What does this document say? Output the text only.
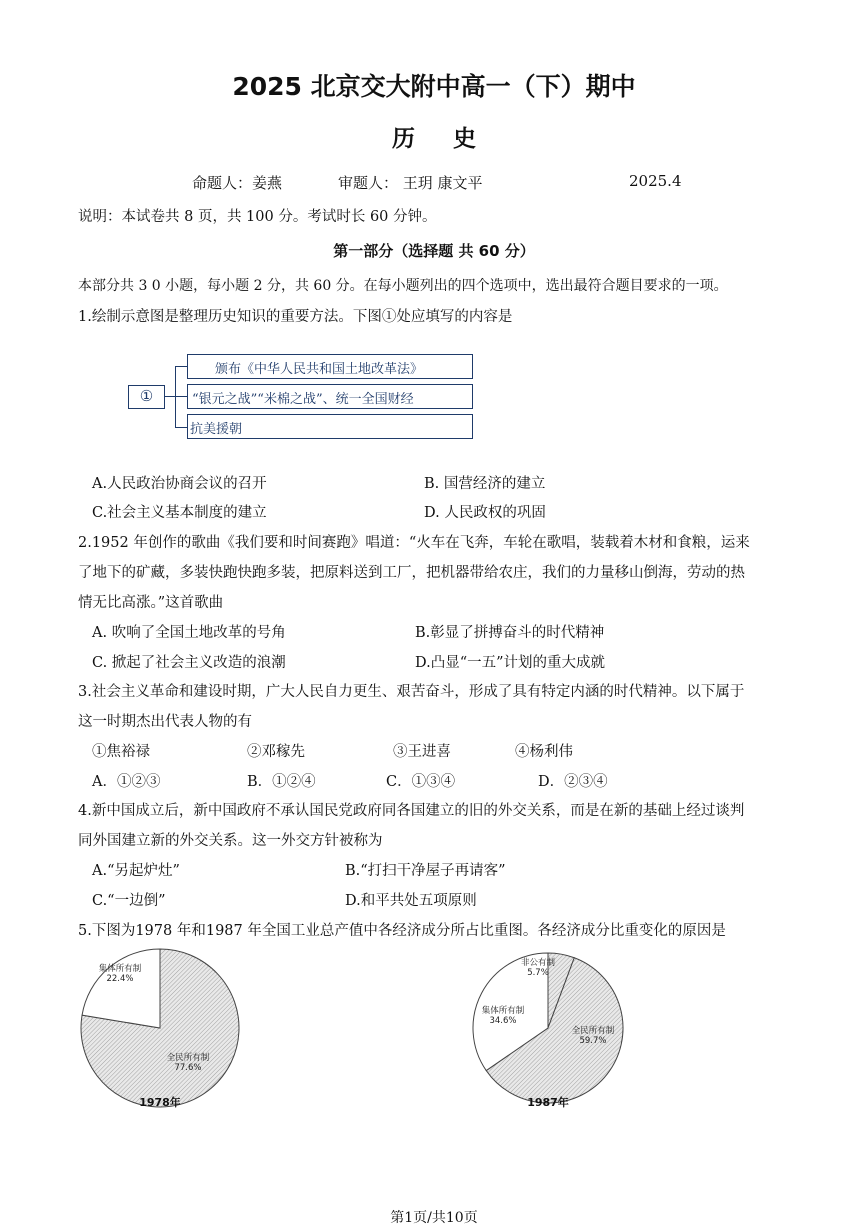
2025 北京交大附中高一（下）期中
历史
命题人：姜燕	审题人： 王玥 康文平	2025.4
说明：本试卷共 8 页，共 100 分。考试时长 60 分钟。
第一部分（选择题 共 60 分）
本部分共 3 0 小题，每小题 2 分，共 60 分。在每小题列出的四个选项中，选出最符合题目要求的一项。
1.绘制示意图是整理历史知识的重要方法。下图①处应填写的内容是
①
颁布《中华人民共和国土地改革法》
“银元之战”“米棉之战”、统一全国财经
抗美援朝
A.人民政治协商会议的召开	B. 国营经济的建立
C.社会主义基本制度的建立	D. 人民政权的巩固
2.1952 年创作的歌曲《我们要和时间赛跑》唱道：“火车在飞奔，车轮在歌唱，装载着木材和食粮，运来
了地下的矿藏，多装快跑快跑多装，把原料送到工厂，把机器带给农庄，我们的力量移山倒海，劳动的热
情无比高涨。”这首歌曲
A. 吹响了全国土地改革的号角	B.彰显了拼搏奋斗的时代精神
C. 掀起了社会主义改造的浪潮	D.凸显“一五”计划的重大成就
3.社会主义革命和建设时期，广大人民自力更生、艰苦奋斗，形成了具有特定内涵的时代精神。以下属于
这一时期杰出代表人物的有
①焦裕禄	②邓稼先	③王进喜	④杨利伟
A．①②③	B．①②④	C．①③④	D．②③④
4.新中国成立后，新中国政府不承认国民党政府同各国建立的旧的外交关系，而是在新的基础上经过谈判
同外国建立新的外交关系。这一外交方针被称为
A.“另起炉灶”	B.“打扫干净屋子再请客”
C.“一边倒”	D.和平共处五项原则
5.下图为1978 年和1987 年全国工业总产值中各经济成分所占比重图。各经济成分比重变化的原因是
全民所有制
77.6%
集体所有制
22.4%
1978年
全民所有制
59.7%
集体所有制
34.6%
非公有制
5.7%
1987年
第1页/共10页
